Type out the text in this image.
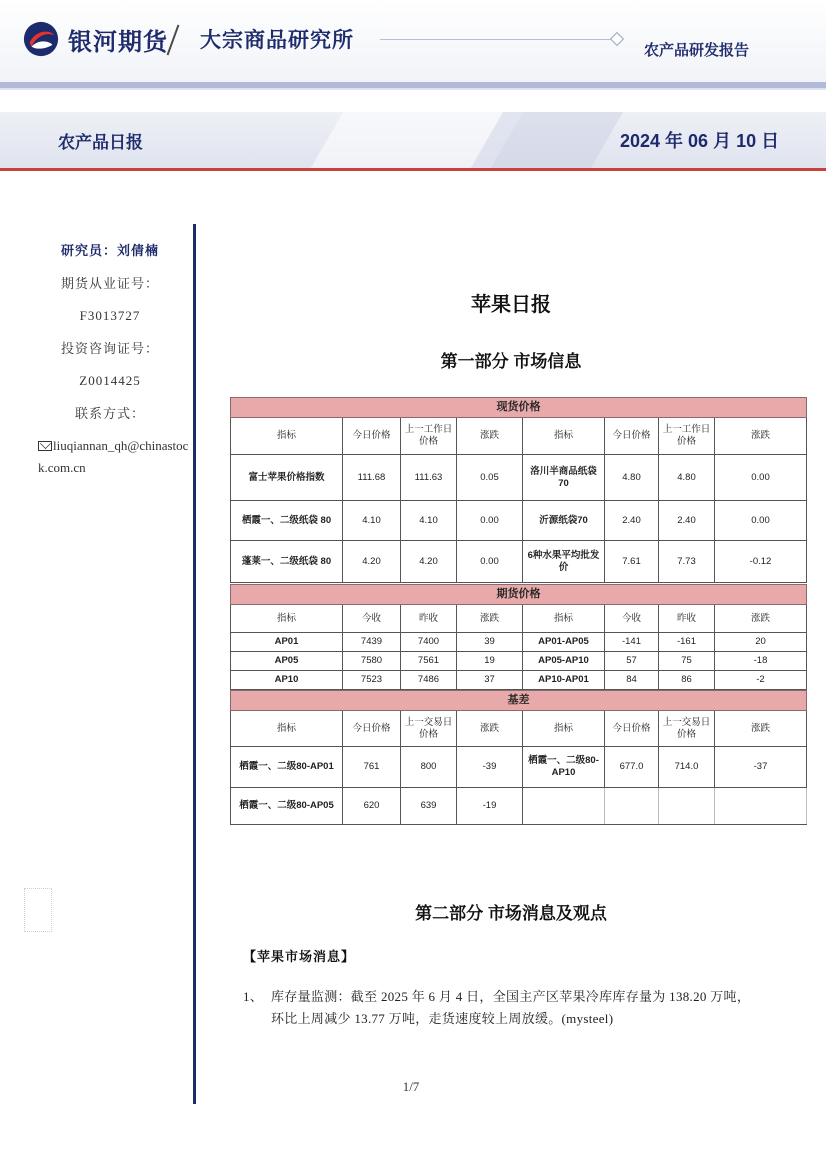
银河期货 大宗商品研究所	农产品研发报告
农产品日报	2024 年 06 月 10 日
研究员：刘倩楠
期货从业证号：
F3013727
投资咨询证号：
Z0014425
联系方式：
liuqiannan_qh@chinastock.com.cn
苹果日报
第一部分 市场信息
现货价格							
指标	今日价格	上一工作日价格	涨跌	指标	今日价格	上一工作日价格	涨跌
富士苹果价格指数	111.68	111.63	0.05	洛川半商品纸袋70	4.80	4.80	0.00
栖霞一、二级纸袋 80	4.10	4.10	0.00	沂源纸袋70	2.40	2.40	0.00
蓬莱一、二级纸袋 80	4.20	4.20	0.00	6种水果平均批发价	7.61	7.73	-0.12
期货价格							
指标	今收	昨收	涨跌	指标	今收	昨收	涨跌
AP01	7439	7400	39	AP01-AP05	-141	-161	20
AP05	7580	7561	19	AP05-AP10	57	75	-18
AP10	7523	7486	37	AP10-AP01	84	86	-2
基差							
指标	今日价格	上一交易日价格	涨跌	指标	今日价格	上一交易日价格	涨跌
栖霞一、二级80-AP01	761	800	-39	栖霞一、二级80-AP10	677.0	714.0	-37
栖霞一、二级80-AP05	620	639	-19				
第二部分 市场消息及观点
【苹果市场消息】
1、 库存量监测：截至 2025 年 6 月 4 日，全国主产区苹果冷库库存量为 138.20 万吨，
环比上周减少 13.77 万吨，走货速度较上周放缓。(mysteel)
1/7
